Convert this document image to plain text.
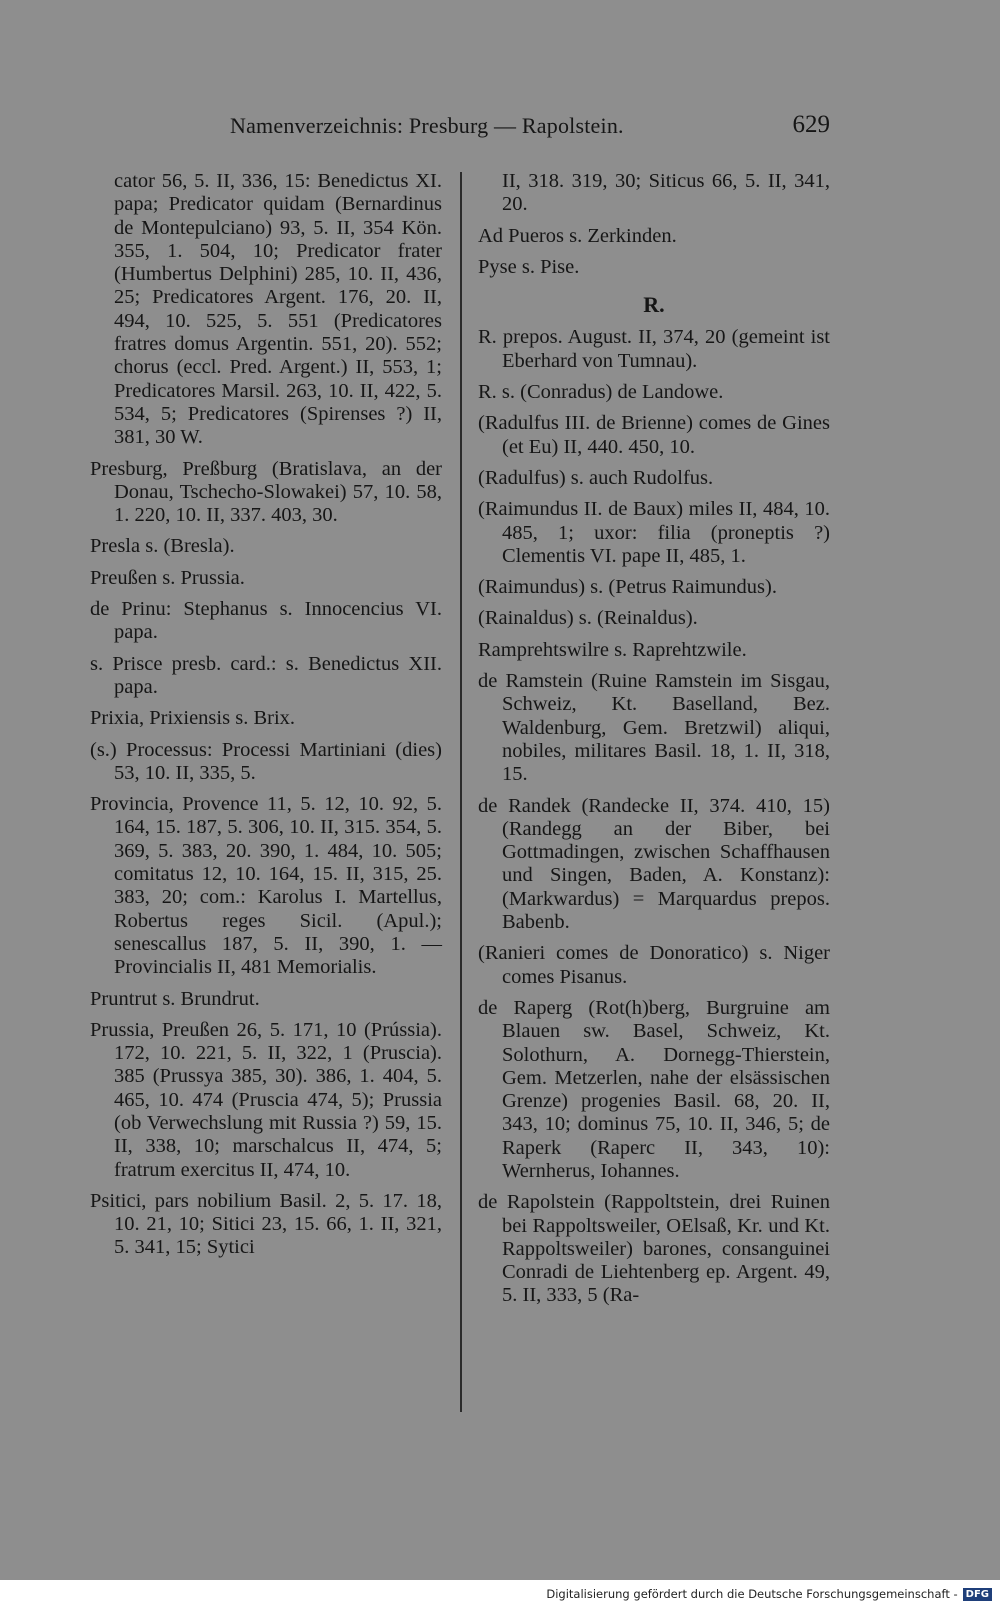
Namenverzeichnis: Presburg — Rapolstein.	629
cator 56, 5. II, 336, 15: Benedictus XI. papa; Predicator quidam (Bernardinus de Montepulciano) 93, 5. II, 354 Kön. 355, 1. 504, 10; Predicator frater (Humbertus Delphini) 285, 10. II, 436, 25; Predicatores Argent. 176, 20. II, 494, 10. 525, 5. 551 (Predicatores fratres domus Argentin. 551, 20). 552; chorus (eccl. Pred. Argent.) II, 553, 1; Predicatores Marsil. 263, 10. II, 422, 5. 534, 5; Predicatores (Spirenses ?) II, 381, 30 W.
Presburg, Preßburg (Bratislava, an der Donau, Tschecho-Slowakei) 57, 10. 58, 1. 220, 10. II, 337. 403, 30.
Presla s. (Bresla).
Preußen s. Prussia.
de Prinu: Stephanus s. Innocencius VI. papa.
s. Prisce presb. card.: s. Benedictus XII. papa.
Prixia, Prixiensis s. Brix.
(s.) Processus: Processi Martiniani (dies) 53, 10. II, 335, 5.
Provincia, Provence 11, 5. 12, 10. 92, 5. 164, 15. 187, 5. 306, 10. II, 315. 354, 5. 369, 5. 383, 20. 390, 1. 484, 10. 505; comitatus 12, 10. 164, 15. II, 315, 25. 383, 20; com.: Karolus I. Martellus, Robertus reges Sicil. (Apul.); senescallus 187, 5. II, 390, 1. — Provincialis II, 481 Memorialis.
Pruntrut s. Brundrut.
Prussia, Preußen 26, 5. 171, 10 (Prússia). 172, 10. 221, 5. II, 322, 1 (Pruscia). 385 (Prussya 385, 30). 386, 1. 404, 5. 465, 10. 474 (Pruscia 474, 5); Prussia (ob Verwechslung mit Russia ?) 59, 15. II, 338, 10; marschalcus II, 474, 5; fratrum exercitus II, 474, 10.
Psitici, pars nobilium Basil. 2, 5. 17. 18, 10. 21, 10; Sitici 23, 15. 66, 1. II, 321, 5. 341, 15; Sytici
II, 318. 319, 30; Siticus 66, 5. II, 341, 20.
Ad Pueros s. Zerkinden.
Pyse s. Pise.
R.
R. prepos. August. II, 374, 20 (gemeint ist Eberhard von Tumnau).
R. s. (Conradus) de Landowe.
(Radulfus III. de Brienne) comes de Gines (et Eu) II, 440. 450, 10.
(Radulfus) s. auch Rudolfus.
(Raimundus II. de Baux) miles II, 484, 10. 485, 1; uxor: filia (proneptis ?) Clementis VI. pape II, 485, 1.
(Raimundus) s. (Petrus Raimundus).
(Rainaldus) s. (Reinaldus).
Ramprehtswilre s. Raprehtzwile.
de Ramstein (Ruine Ramstein im Sisgau, Schweiz, Kt. Baselland, Bez. Waldenburg, Gem. Bretzwil) aliqui, nobiles, militares Basil. 18, 1. II, 318, 15.
de Randek (Randecke II, 374. 410, 15) (Randegg an der Biber, bei Gottmadingen, zwischen Schaffhausen und Singen, Baden, A. Konstanz): (Markwardus) = Marquardus prepos. Babenb.
(Ranieri comes de Donoratico) s. Niger comes Pisanus.
de Raperg (Rot(h)berg, Burgruine am Blauen sw. Basel, Schweiz, Kt. Solothurn, A. Dornegg-Thierstein, Gem. Metzerlen, nahe der elsässischen Grenze) progenies Basil. 68, 20. II, 343, 10; dominus 75, 10. II, 346, 5; de Raperk (Raperc II, 343, 10): Wernherus, Iohannes.
de Rapolstein (Rappoltstein, drei Ruinen bei Rappoltsweiler, OElsaß, Kr. und Kt. Rappoltsweiler) barones, consanguinei Conradi de Liehtenberg ep. Argent. 49, 5. II, 333, 5 (Ra-
Digitalisierung gefördert durch die Deutsche Forschungsgemeinschaft - DFG
